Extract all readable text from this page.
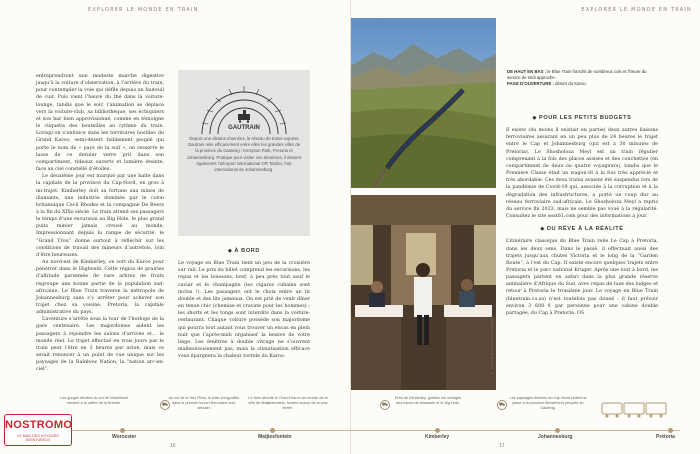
EXPLORER LE MONDE EN TRAIN

entreprendront une modeste marche digestive jusqu’à la voiture d’observation, à l’arrière du train, pour contempler la voie qui défile depuis un fauteuil de cuir. Puis vient l’heure du thé dans la voiture-lounge, tandis que le soir, l’animation se déplace vers la voiture-club, sa bibliothèque, ses échiquiers et son bar bien approvisionné, comme en témoigne le cliquetis des bouteilles au rythme du train. Lorsqu’on s’enfonce dans les territoires hostiles du Grand Karoo, semi-désert faiblement peuplé qui porte le nom de « pays de la soif », on resserre le lasse de ce dernier verre prit dans son compartiment, rideaux ouverts et lumière éteinte, face au ciel constellé d’étoiles.

Le deuxième jour est marqué par une halte dans la capitale de la province du Cap-Nord, en gros à mi-trajet. Kimberley doit sa fortune aux mines de diamants, une industrie dominée par le colon britannique Cecil Rhodes et la compagnie De Beers à la fin du XIXe siècle. Le train attend ses passagers le temps d’une excursion au Big Hole, le plus grand puits minier jamais creusé au monde. Impressionnant depuis la rampe de sécurité, le “Grand Trou” donne surtout à réfléchir sur les conditions de travail des mineurs d’autrefois, loin d’être heureuses.

Au nord-est de Kimberley, on sort du Karoo pour pénétrer dans le Highveld. Cette région de prairies d’altitude parsemée de rare arbres de fruits regroupe une bonne partie de la population sud-africaine. Le Blue Train traverse la métropole de Johannesburg sans s’y arrêter pour achever son trajet chez sa voisine, Pretoria, la capitale administrative du pays.

L’aventure s’arrête sous la tour de l’horloge de la gare centenaire. Les majordomes aident les passagers à rejoindre les salons d’arrivée et… le monde réel. Le trajet effectué en trois jours par le train peut l’être en 3 heures par avion, mais ce serait renoncer à un point de vue unique sur les paysages de la Rainbow Nation, la “nation arc-en-ciel”.

GAUTRAIN
Depuis une dizaine d’années, le réseau de trains express Gautrain relie efficacement entre elles les grandes villes de la province du Gauteng : Kempton Park, Pretoria et Johannesburg. Pratique pour visiter ces dernières, il dessert également l’aéroport international OR Tambo, hub international de Johannesburg.
◆ À BORD

Le voyage en Blue Train tient un peu de la croisière sur rail. Le prix du billet comprend les excursions, les repas et les boissons, bref, à peu près tout sauf le caviar et le champagne (les cigares cubains sont inclus !). Les passagers ont le choix entre un lit double et des lits jumeaux. On est prié de venir dîner en tenue chic (chemise et cravate pour les hommes) ; les shorts et les tongs sont interdits dans la voiture-restaurant. Chaque voiture possède son majordome qui pourra tout autant vous trouver un encas en plein nuit que l’après-midi organiser la lessive de votre linge. Les fenêtres à double vitrage ne s’ouvrent malheureusement pas, mais la climatisation efficace vous épargnera la chaleur torride du Karoo.

16
EXPLORER LE MONDE EN TRAIN
© IMAGES / ALAMY STOCK PHOTO
© MATT MUNRO / LONELY PLANET
DE HAUT EN BAS : le Blue Train franchit de nombreux cols et l’heure du service de midi approche.
PAGE D’OUVERTURE : désert du Karoo.
◆ POUR LES PETITS BUDGETS

Il existe (du moins il existait en partie) deux autres liaisons ferroviaires assurant en un peu plus de 24 heures le trajet entre le Cap et Johannesburg (qui est à 30 minutes de Pretoria). Le Shosholoza Meyl est un train régulier comprenant à la fois des places assises et des couchettes (en compartiment de deux ou quatre voyageurs), tandis que le Premiere Classe était un wagon-lit à la fois très apprécié et très abordable. Ces deux trains avaient été suspendus lors de la pandémie de Covid-19 qui, associée à la corruption et à la dégradation des infrastructures, a porté un coup dur au réseau ferroviaire sud-africain. Le Shosholoza Meyl a repris du service fin 2023, mais ne semble pas voué à la régularité. Consultez le site seat61.com pour des informations à jour.

◆ DU RÊVE À LA RÉALITÉ

L’itinéraire classique du Blue Train relie Le Cap à Pretoria, dans les deux sens. Dans le passé, il effectuait aussi des trajets jusqu’aux chutes Victoria et le long de la “Garden Route”, à l’est du Cap. Il existe encore quelques trajets entre Pretoria et le parc national Kruger. Après une nuit à bord, les passagers partent en safari dans la plus grande réserve animalière d’Afrique du Sud, avec repas de luxe des lodges et retour à Pretoria le troisième jour. Le voyage en Blue Train (bluetrain.co.za) n’est toutefois pas donné : il faut prévoir environ 3 600 € par personne pour une cabine double partagée, du Cap à Pretoria. OS

17
Les gorges étroites du sol de Nuweldoof mènent à la vallée de la Breede.
Au col de la Hex River, le train s’engouffre dans le premier tunnel ferroviaire sud-africain.
Le train aborde le Grand Karoo au niveau de la ville de Matjiesfontein, fondée autour de la voie ferrée.
Près de Kimberley, guettez les vestiges des mines de diamants et le Big Hole.
Les paysages désolés du Cap-Nord cèdent la place à la province densément peuplée du Gauteng.
⛟	⛟	⛟
Worcester	Matjiesfontein	Kimberley	Johannesburg	Pretoria
NOSTROMO
LE MAG DES VOYAGES AVENTUREUX
